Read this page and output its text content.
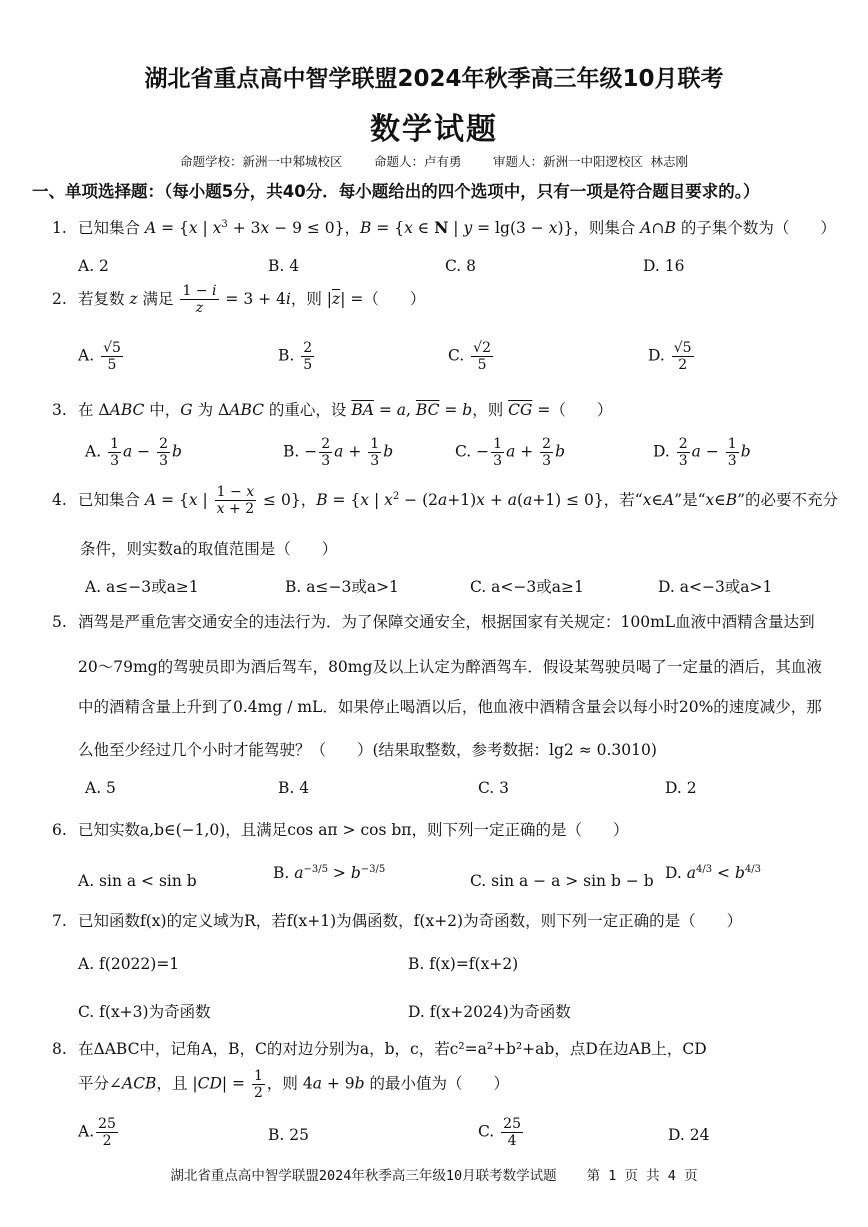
湖北省重点高中智学联盟2024年秋季高三年级10月联考
数学试题
命题学校：新洲一中邾城校区	命题人：卢有勇	审题人：新洲一中阳逻校区 林志刚
一、单项选择题：（每小题5分，共40分．每小题给出的四个选项中，只有一项是符合题目要求的。）
1. 已知集合 A = {x | $x^3 + 3x - 9 \le 0$}，B = {x ∈ N | y = lg(3 − x)}，则集合 A∩B 的子集个数为（　　）
A. 2	B. 4	C. 8	D. 16
2. 若复数 z 满足 $\frac{1 - i}{z} = 3 + 4i$，则 $|\overline{z}|$ =（　　）
A. $\frac{√5}{5}$	B. $\frac{2}{5}$	C. $\frac{√2}{5}$	D. $\frac{√5}{2}$
3. 在 ΔABC 中，G 为 ΔABC 的重心，设 $\overline{BA} = a$, $\overline{BC} = b$，则 $\overline{CG}$ =（　　）
A. $\frac{1}{3}$ $a - \frac{2}{3}$ b	B. − $\frac{2}{3}$ $a + \frac{1}{3}$ b	C. − $\frac{1}{3}$ $a + \frac{2}{3}$ b	D. $\frac{2}{3}$ $a - \frac{1}{3}$ b
4. 已知集合 A = {x | $\frac{1 - x}{x + 2} \le 0$}，B = {x | $x^2 - (2a+1)x + a(a+1) \le 0$}，若“x∈A”是“x∈B”的必要不充分
条件，则实数a的取值范围是（　　）
A. a≤−3或a≥1	B. a≤−3或a>1	C. a<−3或a≥1	D. a<−3或a>1
5. 酒驾是严重危害交通安全的违法行为．为了保障交通安全，根据国家有关规定：100mL血液中酒精含量达到
20～79mg的驾驶员即为酒后驾车，80mg及以上认定为醉酒驾车．假设某驾驶员喝了一定量的酒后，其血液
中的酒精含量上升到了0.4mg / mL．如果停止喝酒以后，他血液中酒精含量会以每小时20%的速度减少，那
么他至少经过几个小时才能驾驶？（　　）(结果取整数，参考数据：lg2 ≈ 0.3010)
A. 5	B. 4	C. 3	D. 2
6. 已知实数a,b∈(−1,0)，且满足cos aπ > cos bπ，则下列一定正确的是（　　）
A. sin a < sin b	B. $a^{-3/5} > b^{-3/5}$
C. sin a − a > sin b − b D. $a^{4/3} < b^{4/3}$
7. 已知函数f(x)的定义域为R，若f(x+1)为偶函数，f(x+2)为奇函数，则下列一定正确的是（　　）
A. f(2022)=1	B. f(x)=f(x+2)
C. f(x+3)为奇函数	D. f(x+2024)为奇函数
8. 在ΔABC中，记角A，B，C的对边分别为a，b，c，若c²=a²+b²+ab，点D在边AB上，CD
平分∠ACB，且 $|CD| = \frac{1}{2}$ ，则 4a + 9b 的最小值为（　　）
A. $\frac{25}{2}$	B. 25	C. $\frac{25}{4}$	D. 24
湖北省重点高中智学联盟2024年秋季高三年级10月联考数学试题 第 1 页 共 4 页
